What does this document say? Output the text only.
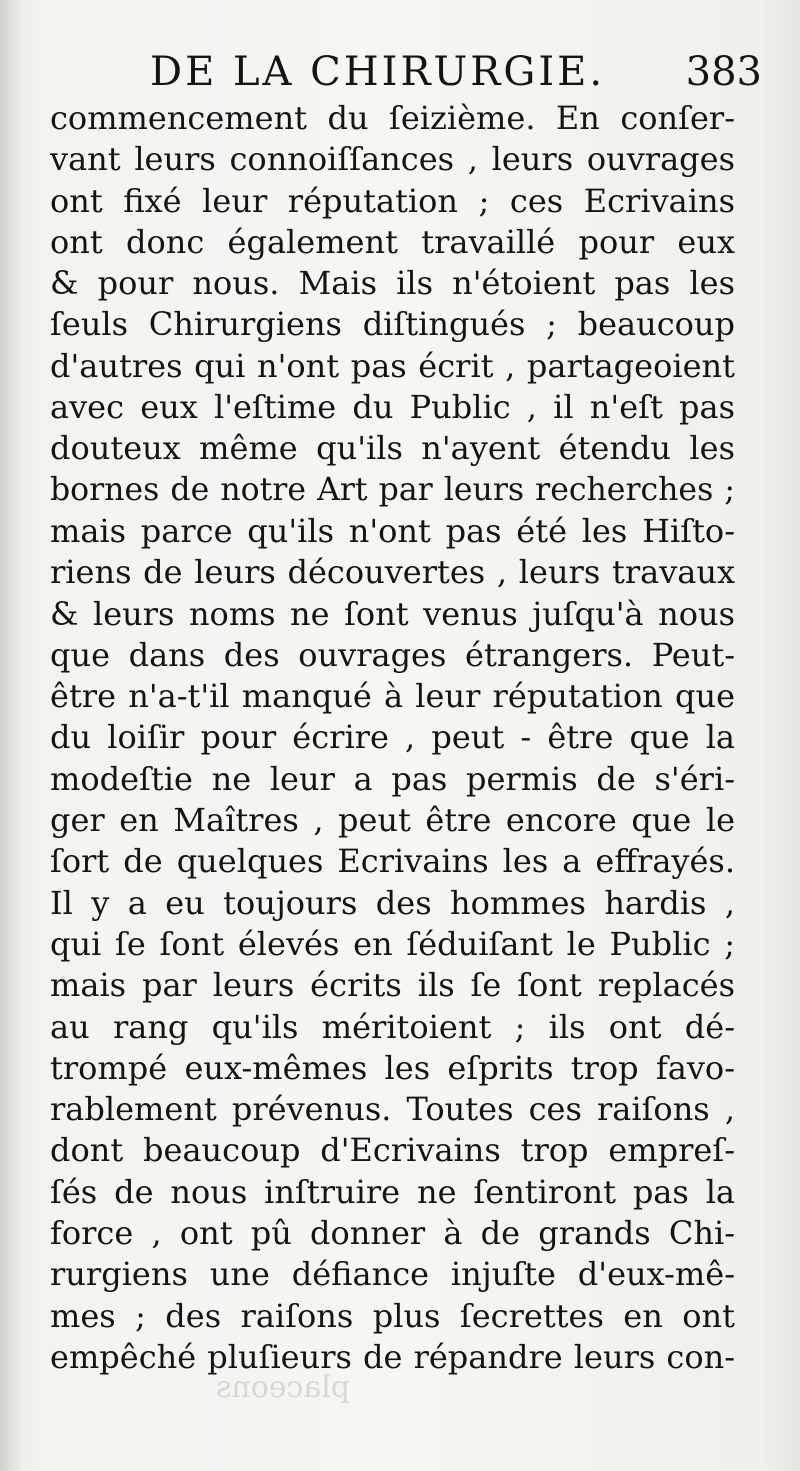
DE LA CHIRURGIE.	383
commencement du ſeizième. En conſer-
vant leurs connoiſſances , leurs ouvrages
ont fixé leur réputation ; ces Ecrivains
ont donc également travaillé pour eux
& pour nous. Mais ils n'étoient pas les
ſeuls Chirurgiens diſtingués ; beaucoup
d'autres qui n'ont pas écrit , partageoient
avec eux l'eſtime du Public , il n'eſt pas
douteux même qu'ils n'ayent étendu les
bornes de notre Art par leurs recherches ;
mais parce qu'ils n'ont pas été les Hiſto-
riens de leurs découvertes , leurs travaux
& leurs noms ne ſont venus juſqu'à nous
que dans des ouvrages étrangers. Peut-
être n'a-t'il manqué à leur réputation que
du loiſir pour écrire , peut - être que la
modeſtie ne leur a pas permis de s'éri-
ger en Maîtres , peut être encore que le
ſort de quelques Ecrivains les a effrayés.
Il y a eu toujours des hommes hardis ,
qui ſe ſont élevés en ſéduiſant le Public ;
mais par leurs écrits ils ſe ſont replacés
au rang qu'ils méritoient ; ils ont dé-
trompé eux-mêmes les eſprits trop favo-
rablement prévenus. Toutes ces raiſons ,
dont beaucoup d'Ecrivains trop empreſ-
ſés de nous inſtruire ne ſentiront pas la
force , ont pû donner à de grands Chi-
rurgiens une défiance injuſte d'eux-mê-
mes ; des raiſons plus ſecrettes en ont
empêché pluſieurs de répandre leurs con-
placeons
